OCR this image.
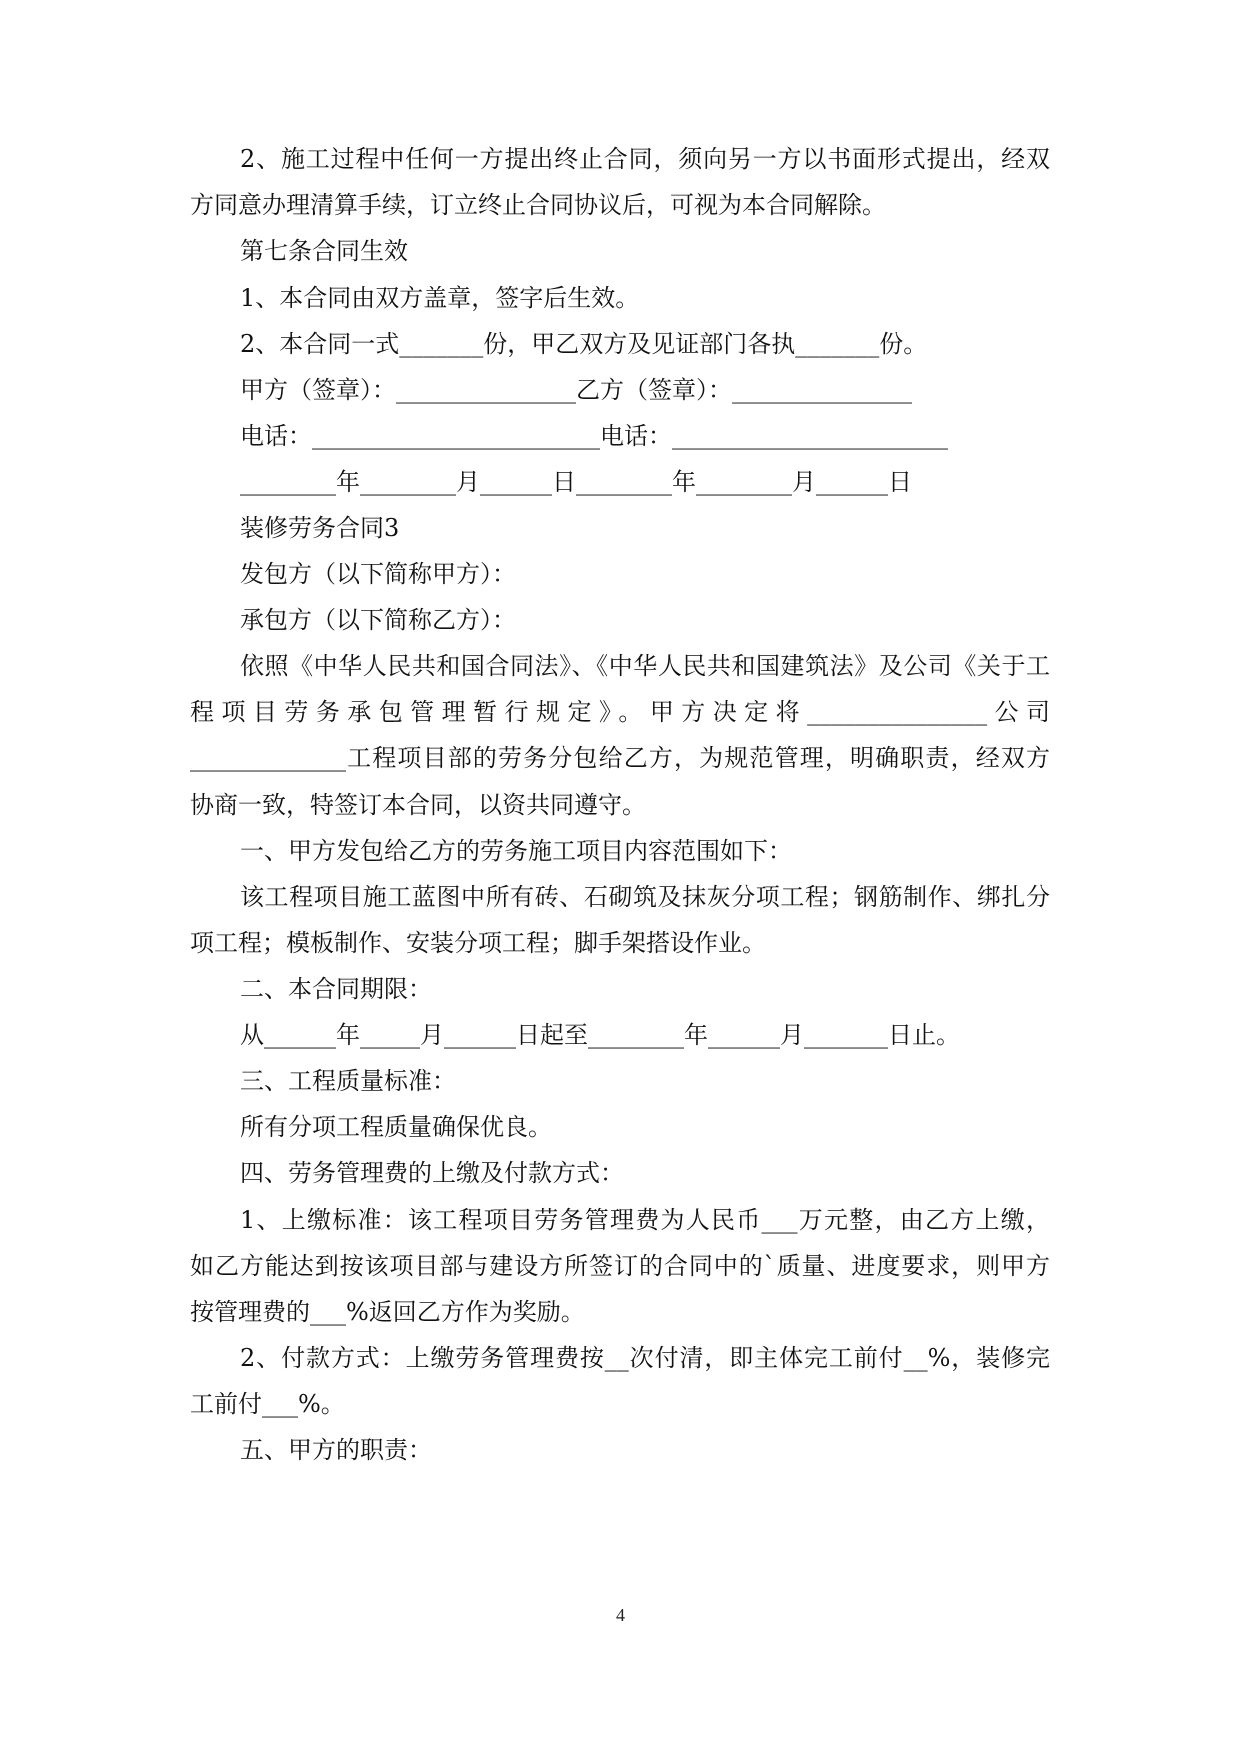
2、施工过程中任何一方提出终止合同，须向另一方以书面形式提出，经双
方同意办理清算手续，订立终止合同协议后，可视为本合同解除。
第七条合同生效
1、本合同由双方盖章，签字后生效。
2、本合同一式_______份，甲乙双方及见证部门各执_______份。
甲方（签章）：_______________乙方（签章）：_______________
电话：________________________电话：_______________________
________年________月______日________年________月______日
装修劳务合同3
发包方（以下简称甲方）：
承包方（以下简称乙方）：
依照《中华人民共和国合同法》、《中华人民共和国建筑法》及公司《关于工
程项目劳务承包管理暂行规定》。甲方决定将_______________公司
_____________工程项目部的劳务分包给乙方，为规范管理，明确职责，经双方
协商一致，特签订本合同，以资共同遵守。
一、甲方发包给乙方的劳务施工项目内容范围如下：
该工程项目施工蓝图中所有砖、石砌筑及抹灰分项工程；钢筋制作、绑扎分
项工程；模板制作、安装分项工程；脚手架搭设作业。
二、本合同期限：
从______年_____月______日起至________年______月_______日止。
三、工程质量标准：
所有分项工程质量确保优良。
四、劳务管理费的上缴及付款方式：
1、上缴标准：该工程项目劳务管理费为人民币___万元整，由乙方上缴，
如乙方能达到按该项目部与建设方所签订的合同中的`质量、进度要求，则甲方
按管理费的___%返回乙方作为奖励。
2、付款方式：上缴劳务管理费按__次付清，即主体完工前付__%，装修完
工前付___%。
五、甲方的职责：
4
